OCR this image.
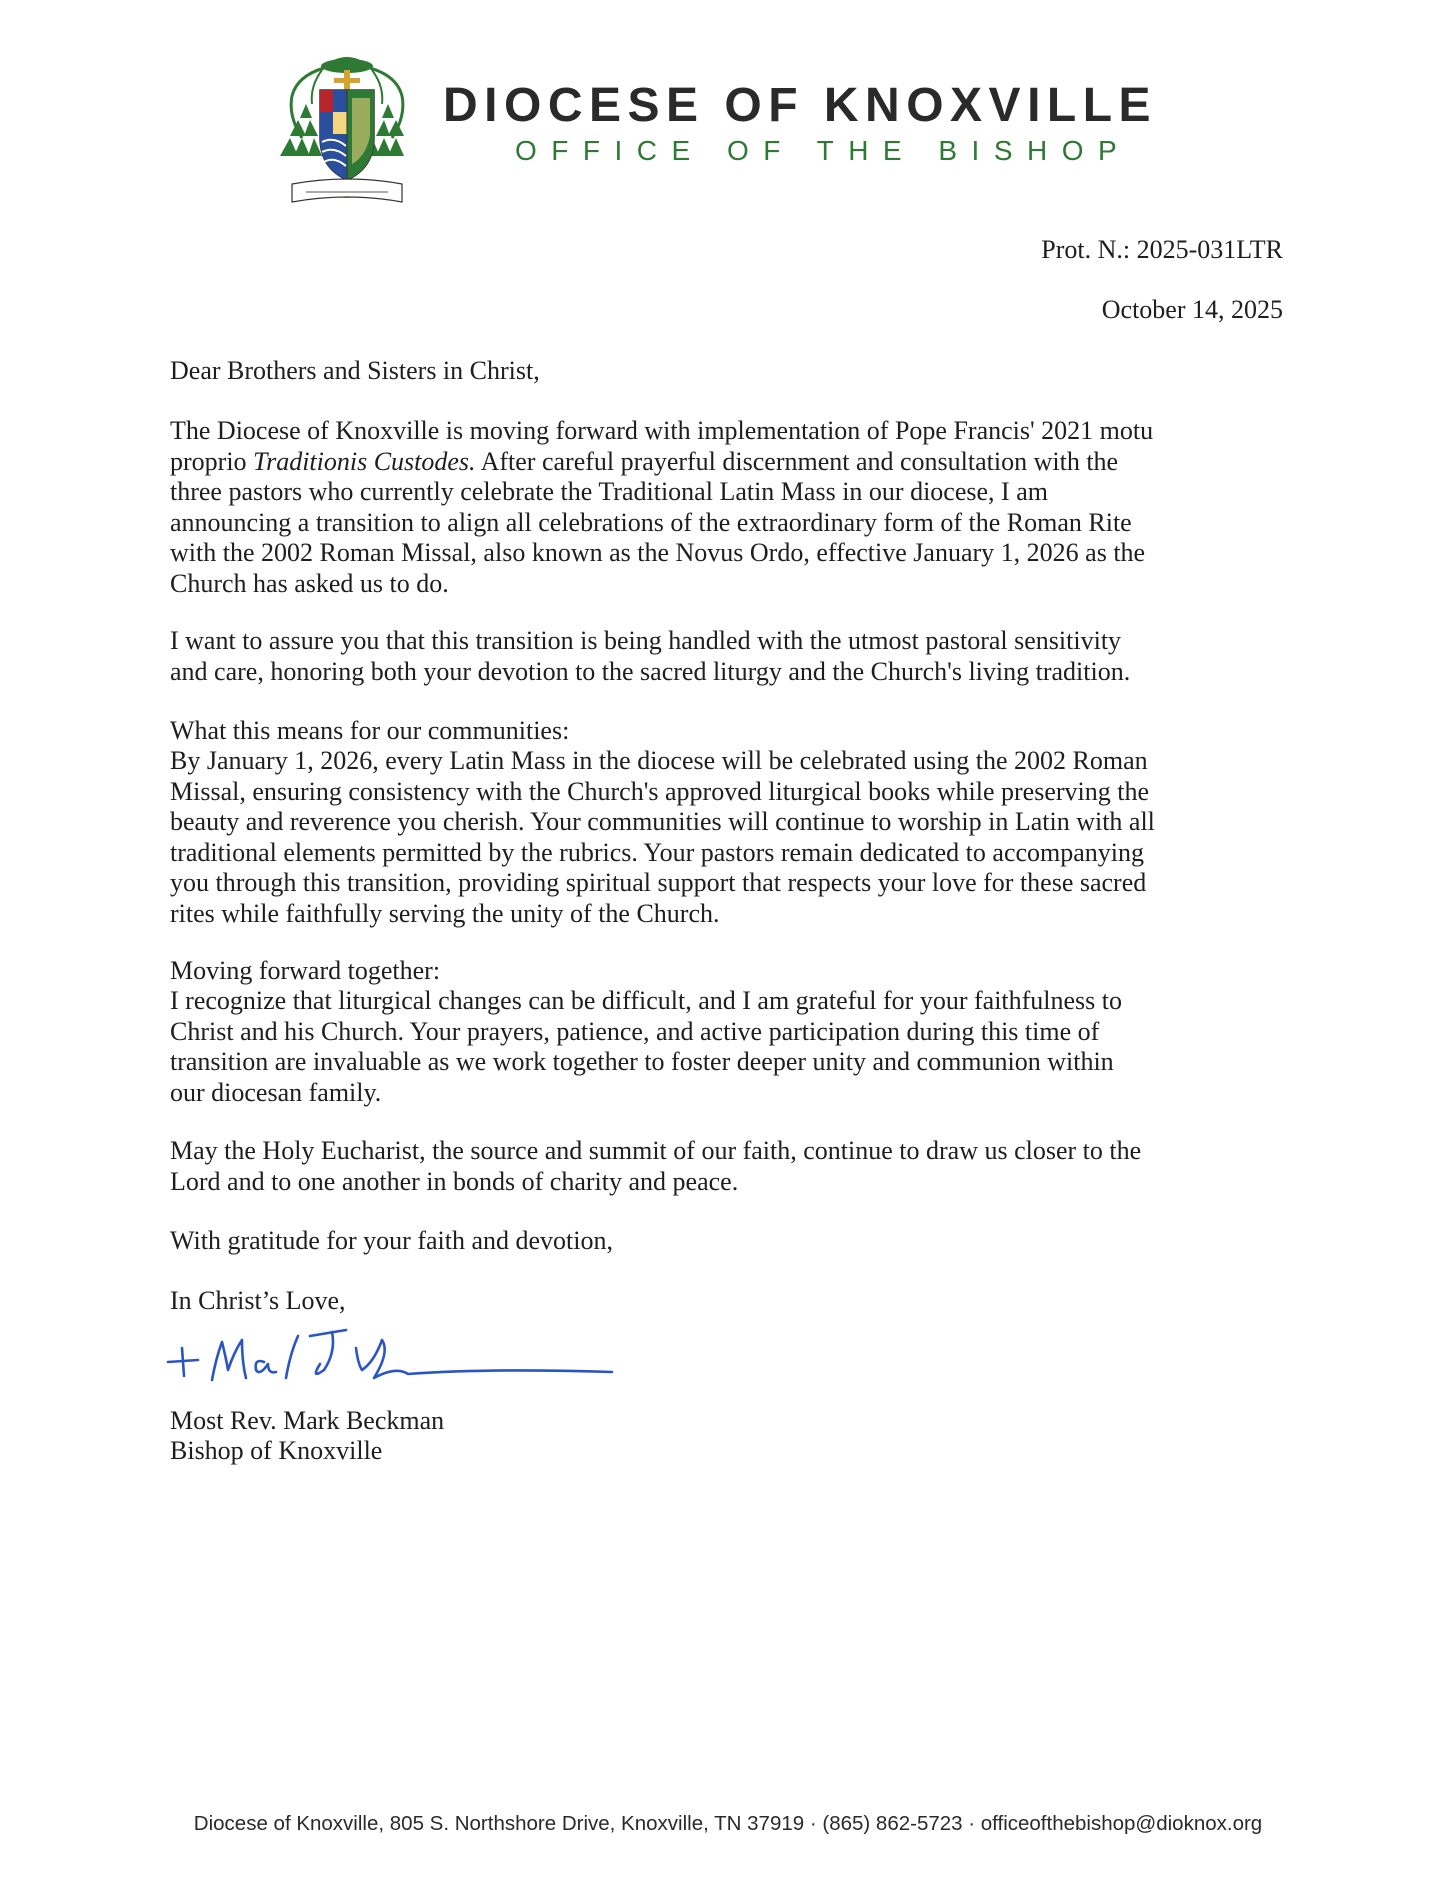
DIOCESE OF KNOXVILLE

OFFICE OF THE BISHOP

Prot. N.: 2025-031LTR

October 14, 2025

Dear Brothers and Sisters in Christ,

The Diocese of Knoxville is moving forward with implementation of Pope Francis' 2021 motu
proprio Traditionis Custodes. After careful prayerful discernment and consultation with the
three pastors who currently celebrate the Traditional Latin Mass in our diocese, I am
announcing a transition to align all celebrations of the extraordinary form of the Roman Rite
with the 2002 Roman Missal, also known as the Novus Ordo, effective January 1, 2026 as the
Church has asked us to do.

I want to assure you that this transition is being handled with the utmost pastoral sensitivity
and care, honoring both your devotion to the sacred liturgy and the Church's living tradition.

What this means for our communities:

By January 1, 2026, every Latin Mass in the diocese will be celebrated using the 2002 Roman
Missal, ensuring consistency with the Church's approved liturgical books while preserving the
beauty and reverence you cherish. Your communities will continue to worship in Latin with all
traditional elements permitted by the rubrics. Your pastors remain dedicated to accompanying
you through this transition, providing spiritual support that respects your love for these sacred
rites while faithfully serving the unity of the Church.

Moving forward together:

I recognize that liturgical changes can be difficult, and I am grateful for your faithfulness to
Christ and his Church. Your prayers, patience, and active participation during this time of
transition are invaluable as we work together to foster deeper unity and communion within
our diocesan family.

May the Holy Eucharist, the source and summit of our faith, continue to draw us closer to the
Lord and to one another in bonds of charity and peace.

With gratitude for your faith and devotion,

In Christ’s Love,

Most Rev. Mark Beckman

Bishop of Knoxville

Diocese of Knoxville, 805 S. Northshore Drive, Knoxville, TN 37919 · (865) 862-5723 · officeofthebishop@dioknox.org
